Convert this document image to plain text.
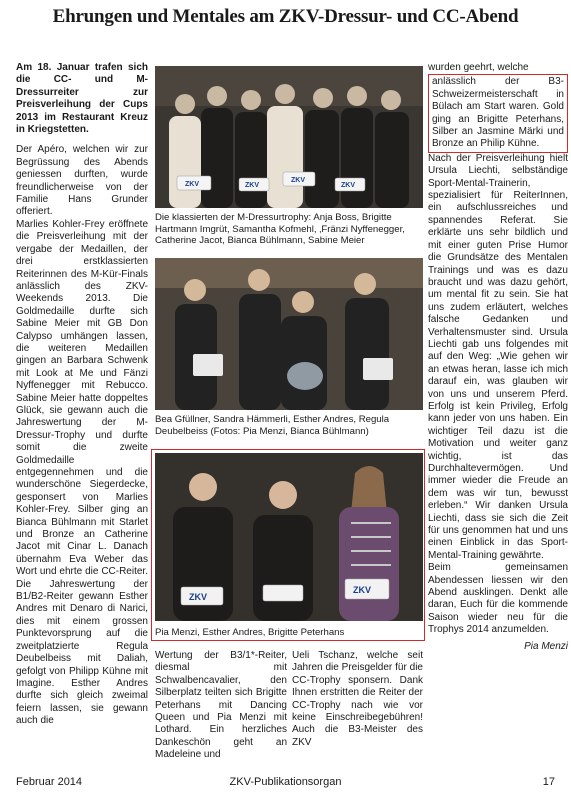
Ehrungen und Mentales am ZKV-Dressur- und CC-Abend

Am 18. Januar trafen sich die CC- und M-Dressurreiter zur Preisverleihung der Cups 2013 im Restaurant Kreuz in Kriegstetten.

Der Apéro, welchen wir zur Begrüssung des Abends geniessen durften, wurde freundlicherweise von der Familie Hans Grunder offeriert.

Marlies Kohler-Frey eröffnete die Preisverleihung mit der vergabe der Medaillen, der drei erstklassierten Reiterinnen des M-Kür-Finals anlässlich des ZKV-Weekends 2013. Die Goldmedaille durfte sich Sabine Meier mit GB Don Calypso umhängen lassen, die weiteren Medaillen gingen an Barbara Schwenk mit Look at Me und Fänzi Nyffenegger mit Rebucco. Sabine Meier hatte doppeltes Glück, sie gewann auch die Jahreswertung der M-Dressur-Trophy und durfte somit die zweite Goldmedaille entgegennehmen und die wunderschöne Siegerdecke, gesponsert von Marlies Kohler-Frey. Silber ging an Bianca Bühlmann mit Starlet und Bronze an Catherine Jacot mit Cinar L. Danach übernahm Eva Weber das Wort und ehrte die CC-Reiter. Die Jahreswertung der B1/B2-Reiter gewann Esther Andres mit Denaro di Narici, dies mit einem grossen Punktevorsprung auf die zweitplatzierte Regula Deubelbeiss mit Daliah, gefolgt von Philipp Kühne mit Imagine. Esther Andres durfte sich gleich zweimal feiern lassen, sie gewann auch die

ZKV	ZKV
ZKV
ZKV
Die klassierten der M-Dressurtrophy: Anja Boss, Brigitte Hartmann Imgrüt, Samantha Kofmehl, ‚Fränzi Nyffenegger, Catherine Jacot, Bianca Bühlmann, Sabine Meier
Bea Gfüllner, Sandra Hämmerli, Esther Andres, Regula Deubelbeiss (Fotos: Pia Menzi, Bianca Bühlmann)
ZKV
ZKV
Pia Menzi, Esther Andres, Brigitte Peterhans
Wertung der B3/1*-Reiter, diesmal mit Schwalbencavalier, den Silberplatz teilten sich Brigitte Peterhans mit Dancing Queen und Pia Menzi mit Lothard. Ein herzliches Dankeschön geht an Madeleine und
Ueli Tschanz, welche seit Jahren die Preisgelder für die CC-Trophy sponsern. Dank Ihnen erstritten die Reiter der CC-Trophy nach wie vor keine Einschreibegebühren! Auch die B3-Meister des ZKV

wurden geehrt, welche

anlässlich der B3-Schweizermeisterschaft in Bülach am Start waren. Gold ging an Brigitte Peterhans, Silber an Jasmine Märki und Bronze an Philip Kühne.

Nach der Preisverleihung hielt Ursula Liechti, selbständige Sport-Mental-Trainerin, spezialisiert für ReiterInnen, ein aufschlussreiches und spannendes Referat. Sie erklärte uns sehr bildlich und mit einer guten Prise Humor die Grundsätze des Mentalen Trainings und was es dazu braucht und was dazu gehört, um mental fit zu sein. Sie hat uns zudem erläutert, welches falsche Gedanken und Verhaltensmuster sind. Ursula Liechti gab uns folgendes mit auf den Weg: „Wie gehen wir an etwas heran, lasse ich mich darauf ein, was glauben wir von uns und unserem Pferd. Erfolg ist kein Privileg, Erfolg kann jeder von uns haben. Ein wichtiger Teil dazu ist die Motivation und weiter ganz wichtig, ist das Durchhaltevermögen. Und immer wieder die Freude an dem was wir tun, bewusst erleben.“ Wir danken Ursula Liechti, dass sie sich die Zeit für uns genommen hat und uns einen Einblick in das Sport-Mental-Training gewährte.

Beim gemeinsamen Abendessen liessen wir den Abend ausklingen. Denkt alle daran, Euch für die kommende Saison wieder neu für die Trophys 2014 anzumelden.

Pia Menzi

Februar 2014	ZKV-Publikationsorgan	17
